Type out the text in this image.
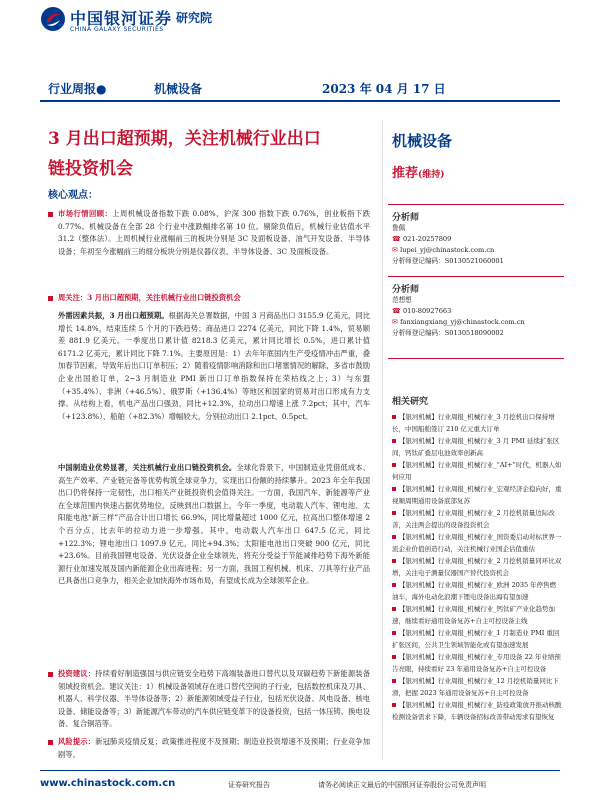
中国银河证券
CHINA GALAXY SECURITIES
研究院
行业周报●	机械设备	2023 年 04 月 17 日
3 月出口超预期，关注机械行业出口
链投资机会
核心观点：
市场行情回顾：上周机械设备指数下跌 0.08%，沪深 300 指数下跌 0.76%，创业板指下跌 0.77%。机械设备在全部 28 个行业中涨跌幅排名第 10 位。剔除负值后，机械行业估值水平 31.2（整体法）。上周机械行业涨幅前三的板块分别是 3C 及面板设备、油气开发设备、半导体设备；年初至今涨幅前三的细分板块分别是仪器仪表、半导体设备、3C 及面板设备。
周关注：3 月出口超预期，关注机械行业出口链投资机会
外需因素共振，3 月出口超预期。根据海关总署数据，中国 3 月商品出口 3155.9 亿美元，同比增长 14.8%，结束连续 5 个月的下跌趋势；商品进口 2274 亿美元，同比下降 1.4%，贸易顺差 881.9 亿美元。一季度出口累计值 8218.3 亿美元，累计同比增长 0.5%，进口累计值 6171.2 亿美元，累计同比下降 7.1%。主要原因是：1）去年年底国内生产受疫情冲击严重，叠加春节因素，导致年后出口订单积压；2）随着疫情影响消除和出口堵塞情况的解除，多省市鼓励企业出国抢订单，2~3 月制造业 PMI 新出口订单指数保持在荣枯线之上；3）与东盟（+35.4%）、非洲（+46.5%）、俄罗斯（+136.4%）等地区和国家的贸易对出口形成有力支撑。从结构上看，机电产品出口强劲，同比+12.3%，拉动出口增速上涨 7.2pct；其中，汽车（+123.8%）、船舶（+82.3%）增幅较大，分别拉动出口 2.1pct、0.5pct。
中国制造业优势显著，关注机械行业出口链投资机会。全球化背景下，中国制造业凭借低成本、高生产效率、产业链完备等优势构筑全球竞争力，实现出口份额的持续攀升。2023 年全年我国出口仍将保持一定韧性，出口相关产业链投资机会值得关注。一方面，我国汽车、新能源等产业在全球范围内快速占据优势地位，反映到出口数据上，今年一季度，电动载人汽车、锂电池、太阳能电池“新三样”产品合计出口增长 66.9%，同比增量超过 1000 亿元，拉高出口整体增速 2 个百分点，比去年的拉动力进一步增强。其中，电动载人汽车出口 647.5 亿元，同比+122.3%；锂电池出口 1097.9 亿元，同比+94.3%；太阳能电池出口突破 900 亿元，同比+23.6%。目前我国锂电设备、光伏设备企业全球领先，将充分受益于节能减排趋势下海外新能源行业加速发展及国内新能源企业出海进程；另一方面，我国工程机械、机床、刀具等行业产品已具备出口竞争力，相关企业加快海外市场布局，有望成长成为全球领军企业。
投资建议：持续看好制造强国与供应链安全趋势下高端装备进口替代以及双碳趋势下新能源装备领域投资机会。建议关注：1）机械设备领域存在进口替代空间的子行业，包括数控机床及刀具、机器人、科学仪器、半导体设备等；2）新能源领域受益子行业，包括光伏设备、风电设备、核电设备、储能设备等；3）新能源汽车带动的汽车供应链变革下的设备投资，包括一体压铸、换电设备、复合铜箔等。
风险提示：新冠肺炎疫情反复；政策推进程度不及预期；制造业投资增速不及预期；行业竞争加剧等。
机械设备
推荐(维持)
分析师
鲁佩
☎ 021-20257809
✉ lupei_yj@chinastock.com.cn
分析师登记编码：S0130521060001
分析师
范想想
☎ 010-80927663
✉ fanxiangxiang_yj@chinastock.com.cn
分析师登记编码：S0130518090002
相关研究
【银河机械】行业周报_机械行业_3 月挖机出口保持增长，中国船舶签订 210 亿元重大订单
【银河机械】行业周报_机械行业_3 月 PMI 延续扩张区间，钙钛矿叠层电池效率创新高
【银河机械】行业周报_机械行业_“AI+”时代，机器人如何应用
【银河机械】行业周报_机械行业_宏观经济企稳向好，重视顺周期通用设备底部复苏
【银河机械】行业周报_机械行业_2 月挖机销量边际改善，关注两会提出的设备投资机会
【银河机械】行业周报_机械行业_国资委启动对标世界一流企业价值创造行动，关注机械行业国企估值重估
【银河机械】行业周报_机械行业_2 月挖机销量同环比双增，关注电子测量仪器国产替代投资机会
【银河机械】行业周报_机械行业_欧洲 2035 年停售燃油车，海外电动化浪潮下锂电设备出海有望加速
【银河机械】行业周报_机械行业_钙钛矿产业化趋势加速，继续看好通用设备复苏+自主可控设备主线
【银河机械】行业周报_机械行业_1 月制造业 PMI 重回扩张区间，公共卫生领域智能化或有望加速发展
【银河机械】行业周报_机械行业_专用设备 22 年业绩预告亮眼，持续看好 23 年通用设备复苏+自主可控设备
【银河机械】行业周报_机械行业_12 月挖机销量同比下滑，把握 2023 年通用设备复苏+自主可控设备
【银河机械】行业周报_机械行业_防疫政策放开推动核酸检测设备需求下降，车辆设备招标改善带动需求有望恢复
www.chinastock.com.cn	证券研究报告	请务必阅读正文最后的中国银河证券股份公司免责声明
